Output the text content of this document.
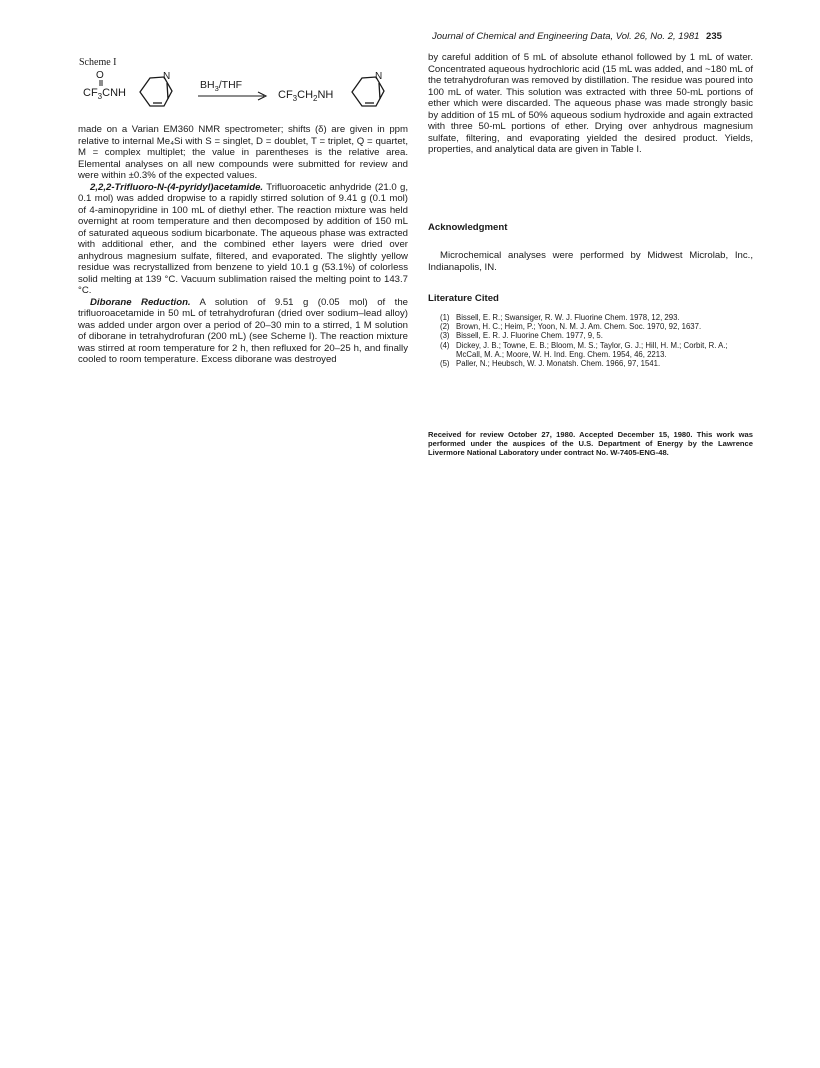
Journal of Chemical and Engineering Data, Vol. 26, No. 2, 1981 235
Scheme I
O
$CF_3CNH$
N
$BH_3$/THF
$CF_3CH_2NH$
N

made on a Varian EM360 NMR spectrometer; shifts (δ) are given in ppm relative to internal Me₄Si with S = singlet, D = doublet, T = triplet, Q = quartet, M = complex multiplet; the value in parentheses is the relative area. Elemental analyses on all new compounds were submitted for review and were within ±0.3% of the expected values.

2,2,2-Trifluoro-N-(4-pyridyl)acetamide. Trifluoroacetic anhydride (21.0 g, 0.1 mol) was added dropwise to a rapidly stirred solution of 9.41 g (0.1 mol) of 4-aminopyridine in 100 mL of diethyl ether. The reaction mixture was held overnight at room temperature and then decomposed by addition of 150 mL of saturated aqueous sodium bicarbonate. The aqueous phase was extracted with additional ether, and the combined ether layers were dried over anhydrous magnesium sulfate, filtered, and evaporated. The slightly yellow residue was recrystallized from benzene to yield 10.1 g (53.1%) of colorless solid melting at 139 °C. Vacuum sublimation raised the melting point to 143.7 °C.

Diborane Reduction. A solution of 9.51 g (0.05 mol) of the trifluoroacetamide in 50 mL of tetrahydrofuran (dried over sodium–lead alloy) was added under argon over a period of 20–30 min to a stirred, 1 M solution of diborane in tetrahydrofuran (200 mL) (see Scheme I). The reaction mixture was stirred at room temperature for 2 h, then refluxed for 20–25 h, and finally cooled to room temperature. Excess diborane was destroyed

by careful addition of 5 mL of absolute ethanol followed by 1 mL of water. Concentrated aqueous hydrochloric acid (15 mL was added, and ~180 mL of the tetrahydrofuran was removed by distillation. The residue was poured into 100 mL of water. This solution was extracted with three 50-mL portions of ether which were discarded. The aqueous phase was made strongly basic by addition of 15 mL of 50% aqueous sodium hydroxide and again extracted with three 50-mL portions of ether. Drying over anhydrous magnesium sulfate, filtering, and evaporating yielded the desired product. Yields, properties, and analytical data are given in Table I.

Acknowledgment
Microchemical analyses were performed by Midwest Microlab, Inc., Indianapolis, IN.
Literature Cited

(1) Bissell, E. R.; Swansiger, R. W. J. Fluorine Chem. 1978, 12, 293.

(2) Brown, H. C.; Heim, P.; Yoon, N. M. J. Am. Chem. Soc. 1970, 92, 1637.

(3) Bissell, E. R. J. Fluorine Chem. 1977, 9, 5.

(4) Dickey, J. B.; Towne, E. B.; Bloom, M. S.; Taylor, G. J.; Hill, H. M.; Corbit, R. A.; McCall, M. A.; Moore, W. H. Ind. Eng. Chem. 1954, 46, 2213.

(5) Paller, N.; Heubsch, W. J. Monatsh. Chem. 1966, 97, 1541.

Received for review October 27, 1980. Accepted December 15, 1980. This work was performed under the auspices of the U.S. Department of Energy by the Lawrence Livermore National Laboratory under contract No. W-7405-ENG-48.
